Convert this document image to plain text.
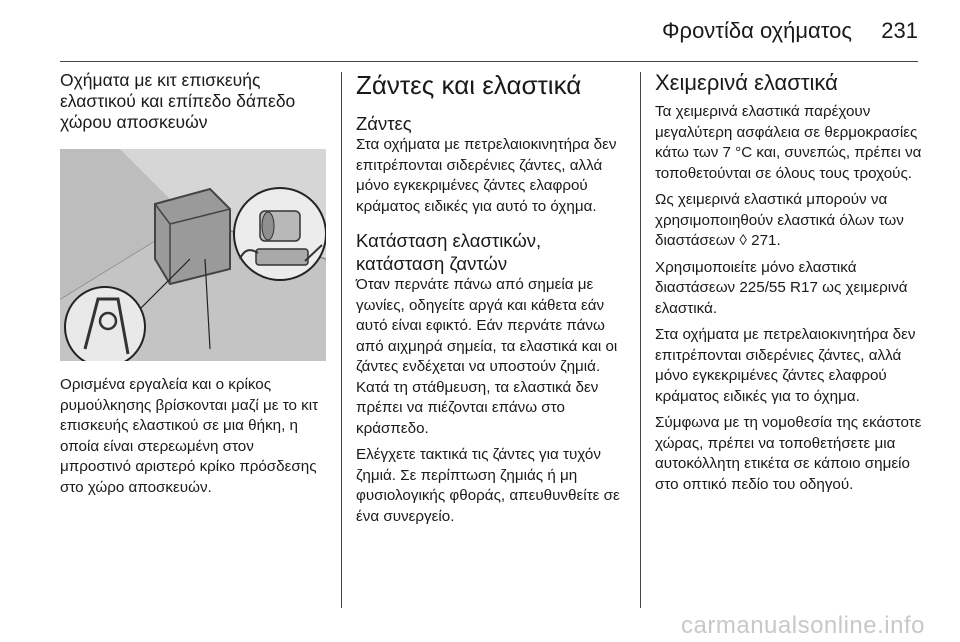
Φροντίδα οχήματος 231
Οχήματα με κιτ επισκευής ελαστικού και επίπεδο δάπεδο χώρου αποσκευών

Ορισμένα εργαλεία και ο κρίκος ρυμούλκησης βρίσκονται μαζί με το κιτ επισκευής ελαστικού σε μια θήκη, η οποία είναι στερεωμένη στον μπροστινό αριστερό κρίκο πρόσδεσης στο χώρο αποσκευών.

Ζάντες και ελαστικά
Ζάντες

Στα οχήματα με πετρελαιοκινητήρα δεν επιτρέπονται σιδερένιες ζάντες, αλλά μόνο εγκεκριμένες ζάντες ελαφρού κράματος ειδικές για αυτό το όχημα.

Κατάσταση ελαστικών, κατάσταση ζαντών

Όταν περνάτε πάνω από σημεία με γωνίες, οδηγείτε αργά και κάθετα εάν αυτό είναι εφικτό. Εάν περνάτε πάνω από αιχμηρά σημεία, τα ελαστικά και οι ζάντες ενδέχεται να υποστούν ζημιά. Κατά τη στάθμευση, τα ελαστικά δεν πρέπει να πιέζονται επάνω στο κράσπεδο.

Ελέγχετε τακτικά τις ζάντες για τυχόν ζημιά. Σε περίπτωση ζημιάς ή μη φυσιολογικής φθοράς, απευθυνθείτε σε ένα συνεργείο.

Χειμερινά ελαστικά

Τα χειμερινά ελαστικά παρέχουν μεγαλύτερη ασφάλεια σε θερμοκρασίες κάτω των 7 °C και, συνεπώς, πρέπει να τοποθετούνται σε όλους τους τροχούς.

Ως χειμερινά ελαστικά μπορούν να χρησιμοποιηθούν ελαστικά όλων των διαστάσεων ◊ 271.

Χρησιμοποιείτε μόνο ελαστικά διαστάσεων 225/55 R17 ως χειμερινά ελαστικά.

Στα οχήματα με πετρελαιοκινητήρα δεν επιτρέπονται σιδερένιες ζάντες, αλλά μόνο εγκεκριμένες ζάντες ελαφρού κράματος ειδικές για το όχημα.

Σύμφωνα με τη νομοθεσία της εκάστοτε χώρας, πρέπει να τοποθετήσετε μια αυτοκόλλητη ετικέτα σε κάποιο σημείο στο οπτικό πεδίο του οδηγού.

carmanualsonline.info
